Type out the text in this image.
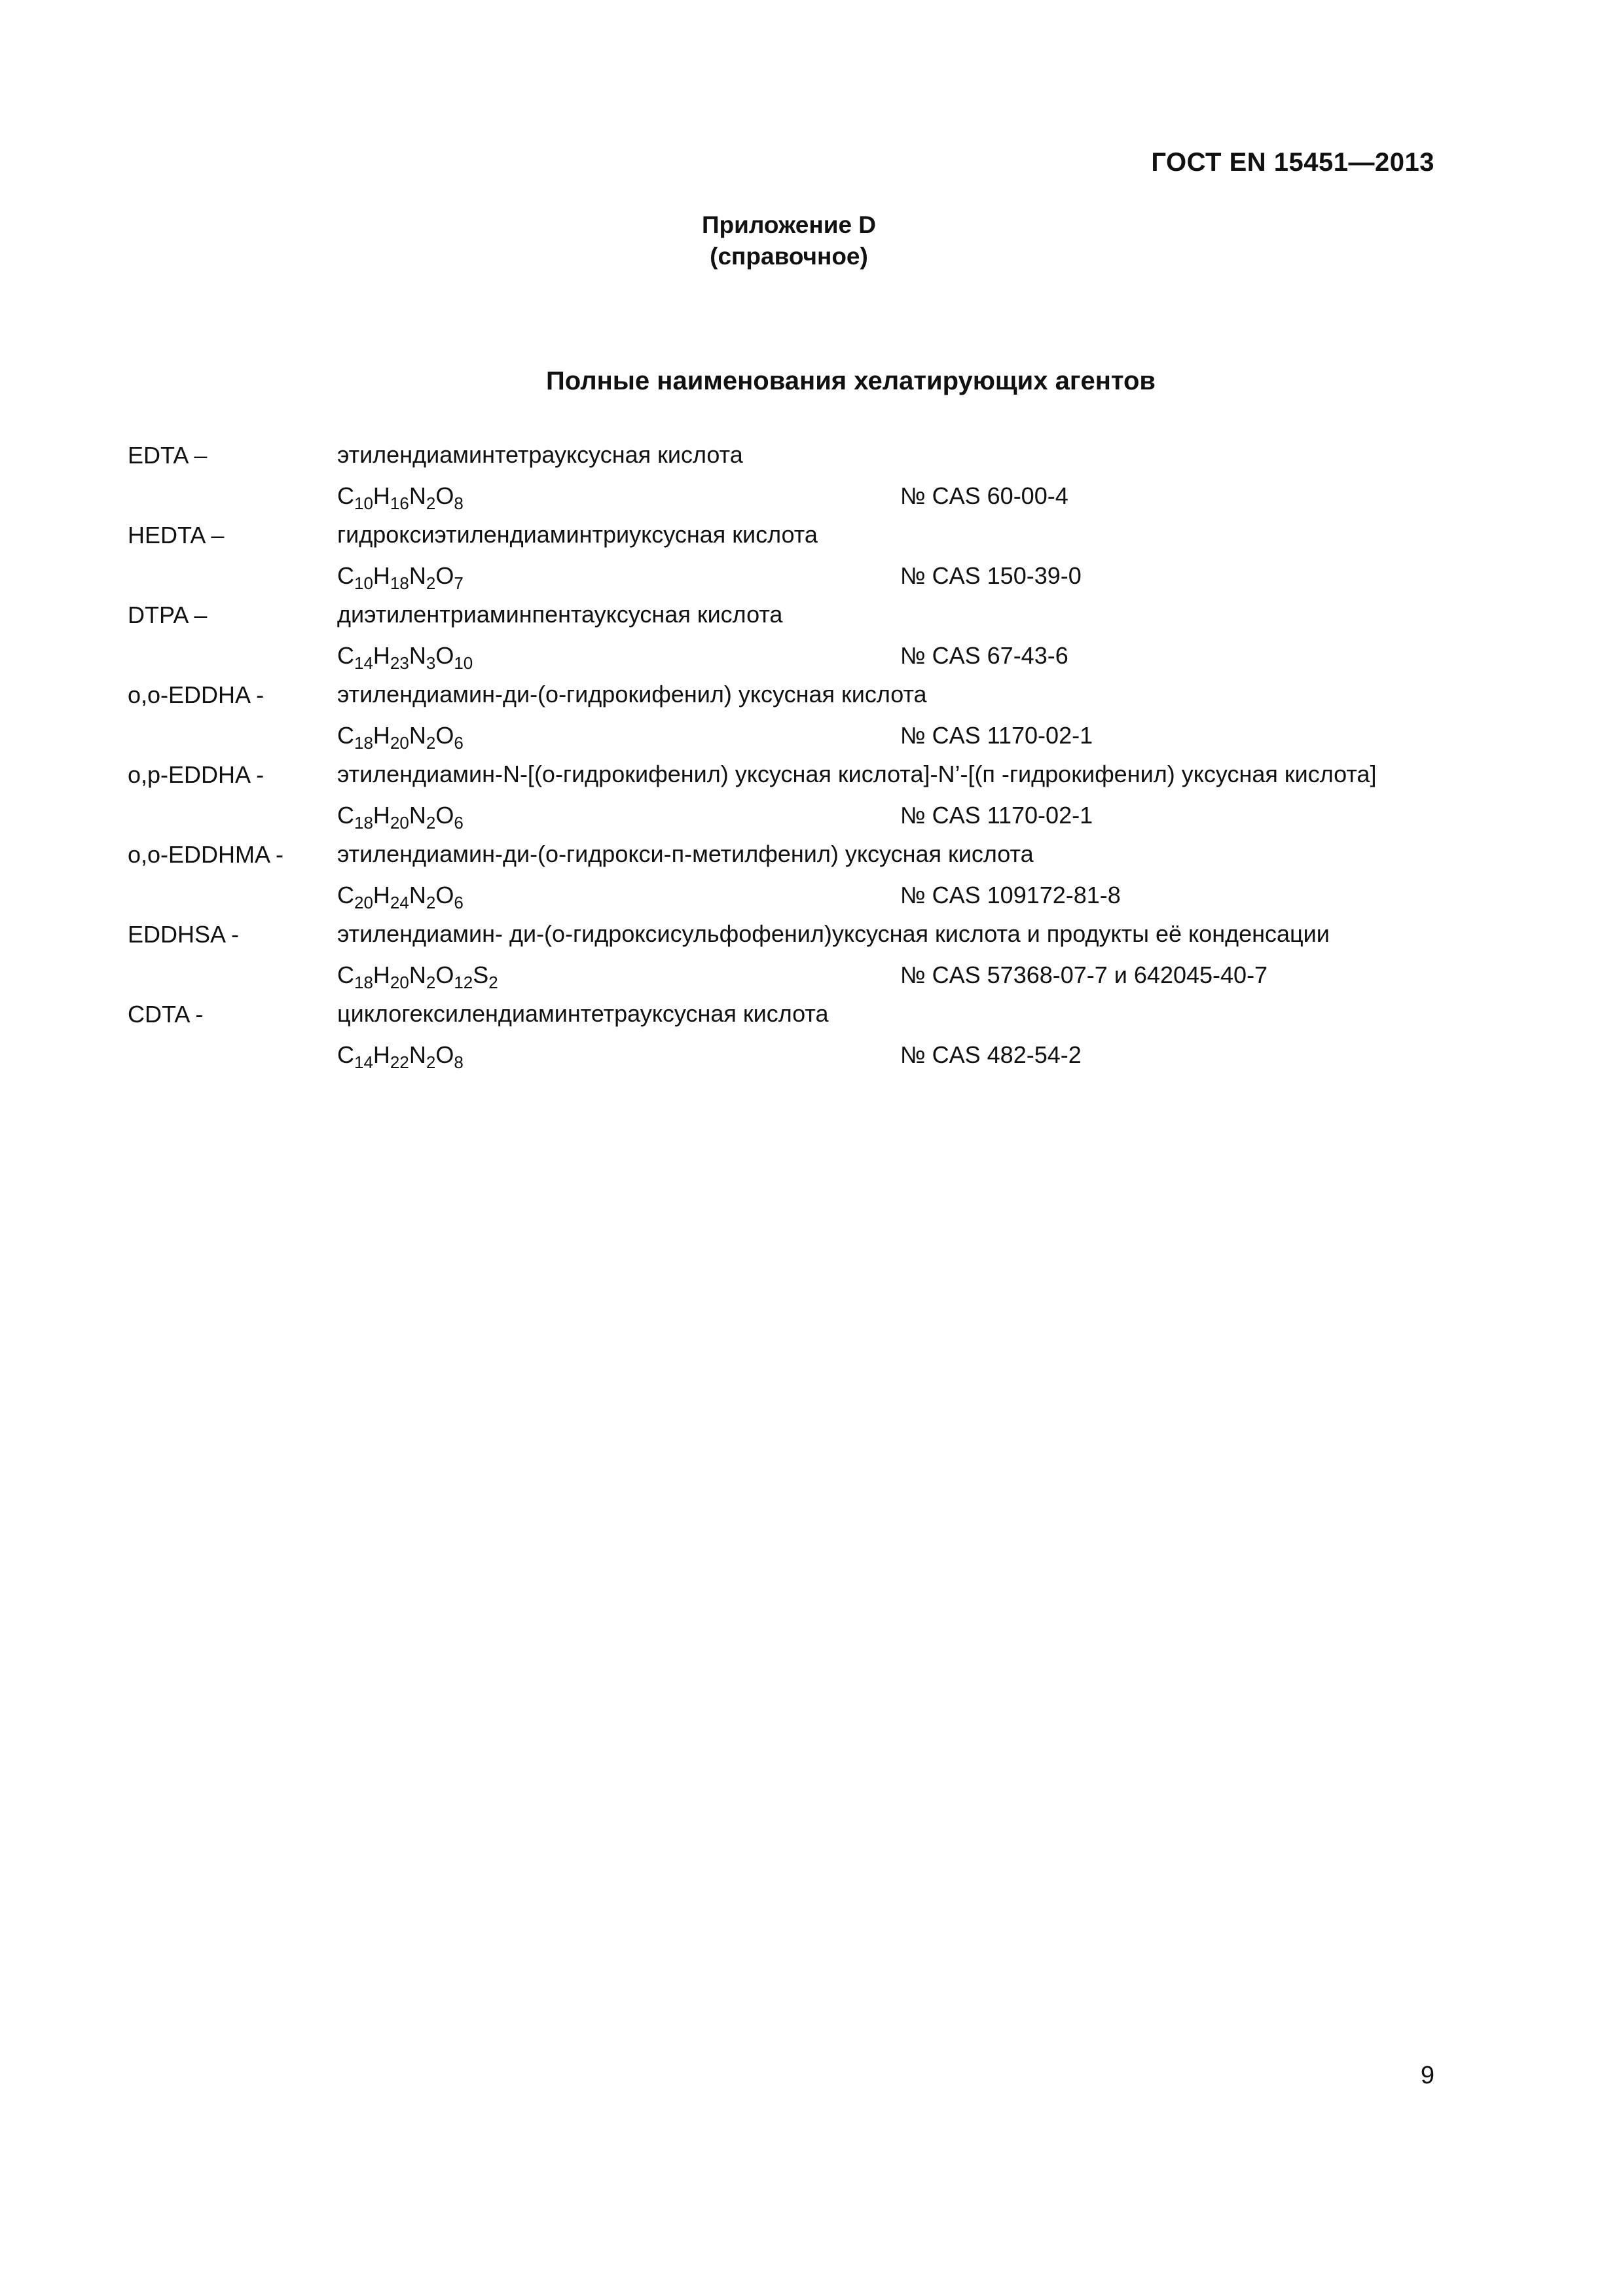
ГОСТ EN 15451—2013
Приложение D
(справочное)
Полные наименования хелатирующих агентов
EDTA –	этилендиаминтетрауксусная кислота
$C_{10}H_{16}N_2O_8$	№ CAS 60-00-4
HEDTA –	гидроксиэтилендиаминтриуксусная кислота
$C_{10}H_{18}N_2O_7$	№ CAS 150-39-0
DTPA –	диэтилентриаминпентауксусная кислота
$C_{14}H_{23}N_3O_{10}$	№ CAS 67-43-6
o,o-EDDHA -	этилендиамин-ди-(о-гидрокифенил) уксусная кислота
$C_{18}H_{20}N_2O_6$	№ CAS 1170-02-1
o,p-EDDHA -	этилендиамин-N-[(о-гидрокифенил) уксусная кислота]-N’-[(п -гидрокифенил) уксусная кислота]
$C_{18}H_{20}N_2O_6$	№ CAS 1170-02-1
o,o-EDDHMA -	этилендиамин-ди-(о-гидрокси-п-метилфенил) уксусная кислота
$C_{20}H_{24}N_2O_6$	№ CAS 109172-81-8
EDDHSA -	этилендиамин- ди-(о-гидроксисульфофенил)уксусная кислота и продукты её конденсации
$C_{18}H_{20}N_2O_{12}S_2$	№ CAS 57368-07-7 и 642045-40-7
CDTA -	циклогексилендиаминтетрауксусная кислота
$C_{14}H_{22}N_2O_8$	№ CAS 482-54-2
9
